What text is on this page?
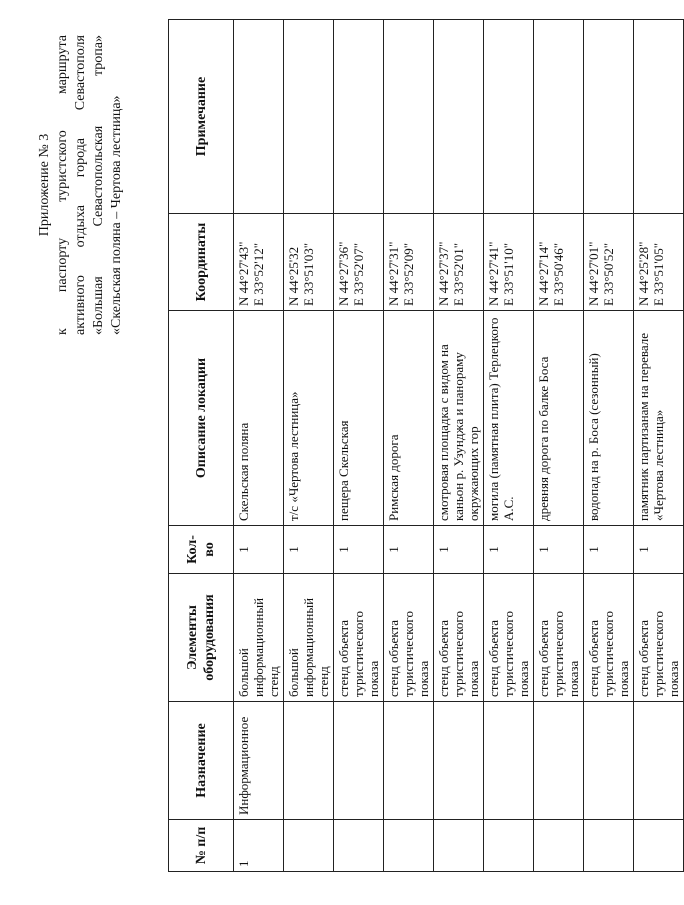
Приложение № 3 к паспорту туристского маршрута активного отдыха города Севастополя «Большая Севастопольская тропа» «Скельская поляна – Чертова лестница»
№ п/п	Назначение	Элементы оборудования	Кол-во	Описание локации	Координаты	Примечание
1	Информационное	большой информационный стенд	1	Скельская поляна	N 44°27'43" E 33°52'12"	

		большой информационный стенд	1	т/с «Чертова лестница»	N 44°25'32 E 33°51'03"	

		стенд объекта туристического показа	1	пещера Скельская	N 44°27'36" E 33°52'07"	

		стенд объекта туристического показа	1	Римская дорога	N 44°27'31" E 33°52'09"	

		стенд объекта туристического показа	1	смотровая площадка с видом на каньон р. Узунджа и панораму окружающих гор	N 44°27'37" E 33°52'01"	

		стенд объекта туристического показа	1	могила (памятная плита) Терлецкого А.С.	N 44°27'41" E 33°51'10"	

		стенд объекта туристического показа	1	древняя дорога по балке Боса	N 44°27'14" E 33°50'46"	

		стенд объекта туристического показа	1	водопад на р. Боса (сезонный)	N 44°27'01" E 33°50'52"	

		стенд объекта туристического показа	1	памятник партизанам на перевале «Чертова лестница»	N 44°25'28" E 33°51'05"	
